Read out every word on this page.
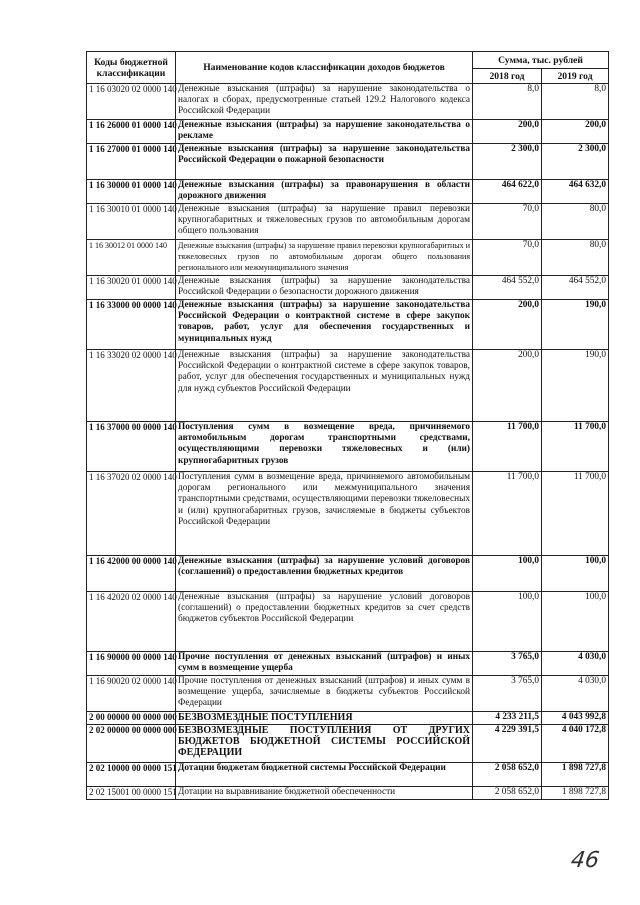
Коды бюджетной классификации	Наименование кодов классификации доходов бюджетов	Сумма, тыс. рублей	
		2018 год	2019 год
1 16 03020 02 0000 140	Денежные взыскания (штрафы) за нарушение законодательства о налогах и сборах, предусмотренные статьей 129.2 Налогового кодекса Российской Федерации	8,0	8,0
1 16 26000 01 0000 140	Денежные взыскания (штрафы) за нарушение законодательства о рекламе	200,0	200,0
1 16 27000 01 0000 140	Денежные взыскания (штрафы) за нарушение законодательства Российской Федерации о пожарной безопасности	2 300,0	2 300,0
1 16 30000 01 0000 140	Денежные взыскания (штрафы) за правонарушения в области дорожного движения	464 622,0	464 632,0
1 16 30010 01 0000 140	Денежные взыскания (штрафы) за нарушение правил перевозки крупногабаритных и тяжеловесных грузов по автомобильным дорогам общего пользования	70,0	80,0
1 16 30012 01 0000 140	Денежные взыскания (штрафы) за нарушение правил перевозки крупногабаритных и тяжеловесных грузов по автомобильным дорогам общего пользования регионального или межмуниципального значения	70,0	80,0
1 16 30020 01 0000 140	Денежные взыскания (штрафы) за нарушение законодательства Российской Федерации о безопасности дорожного движения	464 552,0	464 552,0
1 16 33000 00 0000 140	Денежные взыскания (штрафы) за нарушение законодательства Российской Федерации о контрактной системе в сфере закупок товаров, работ, услуг для обеспечения государственных и муниципальных нужд	200,0	190,0
1 16 33020 02 0000 140	Денежные взыскания (штрафы) за нарушение законодательства Российской Федерации о контрактной системе в сфере закупок товаров, работ, услуг для обеспечения государственных и муниципальных нужд для нужд субъектов Российской Федерации	200,0	190,0
1 16 37000 00 0000 140	Поступления сумм в возмещение вреда, причиняемого автомобильным дорогам транспортными средствами, осуществляющими перевозки тяжеловесных и (или) крупногабаритных грузов	11 700,0	11 700,0
1 16 37020 02 0000 140	Поступления сумм в возмещение вреда, причиняемого автомобильным дорогам регионального или межмуниципального значения транспортными средствами, осуществляющими перевозки тяжеловесных и (или) крупногабаритных грузов, зачисляемые в бюджеты субъектов Российской Федерации	11 700,0	11 700,0
1 16 42000 00 0000 140	Денежные взыскания (штрафы) за нарушение условий договоров (соглашений) о предоставлении бюджетных кредитов	100,0	100,0
1 16 42020 02 0000 140	Денежные взыскания (штрафы) за нарушение условий договоров (соглашений) о предоставлении бюджетных кредитов за счет средств бюджетов субъектов Российской Федерации	100,0	100,0
1 16 90000 00 0000 140	Прочие поступления от денежных взысканий (штрафов) и иных сумм в возмещение ущерба	3 765,0	4 030,0
1 16 90020 02 0000 140	Прочие поступления от денежных взысканий (штрафов) и иных сумм в возмещение ущерба, зачисляемые в бюджеты субъектов Российской Федерации	3 765,0	4 030,0
2 00 00000 00 0000 000	БЕЗВОЗМЕЗДНЫЕ ПОСТУПЛЕНИЯ	4 233 211,5	4 043 992,8
2 02 00000 00 0000 000	БЕЗВОЗМЕЗДНЫЕ ПОСТУПЛЕНИЯ ОТ ДРУГИХ БЮДЖЕТОВ БЮДЖЕТНОЙ СИСТЕМЫ РОССИЙСКОЙ ФЕДЕРАЦИИ	4 229 391,5	4 040 172,8
2 02 10000 00 0000 151	Дотации бюджетам бюджетной системы Российской Федерации	2 058 652,0	1 898 727,8
2 02 15001 00 0000 151	Дотации на выравнивание бюджетной обеспеченности	2 058 652,0	1 898 727,8
46
